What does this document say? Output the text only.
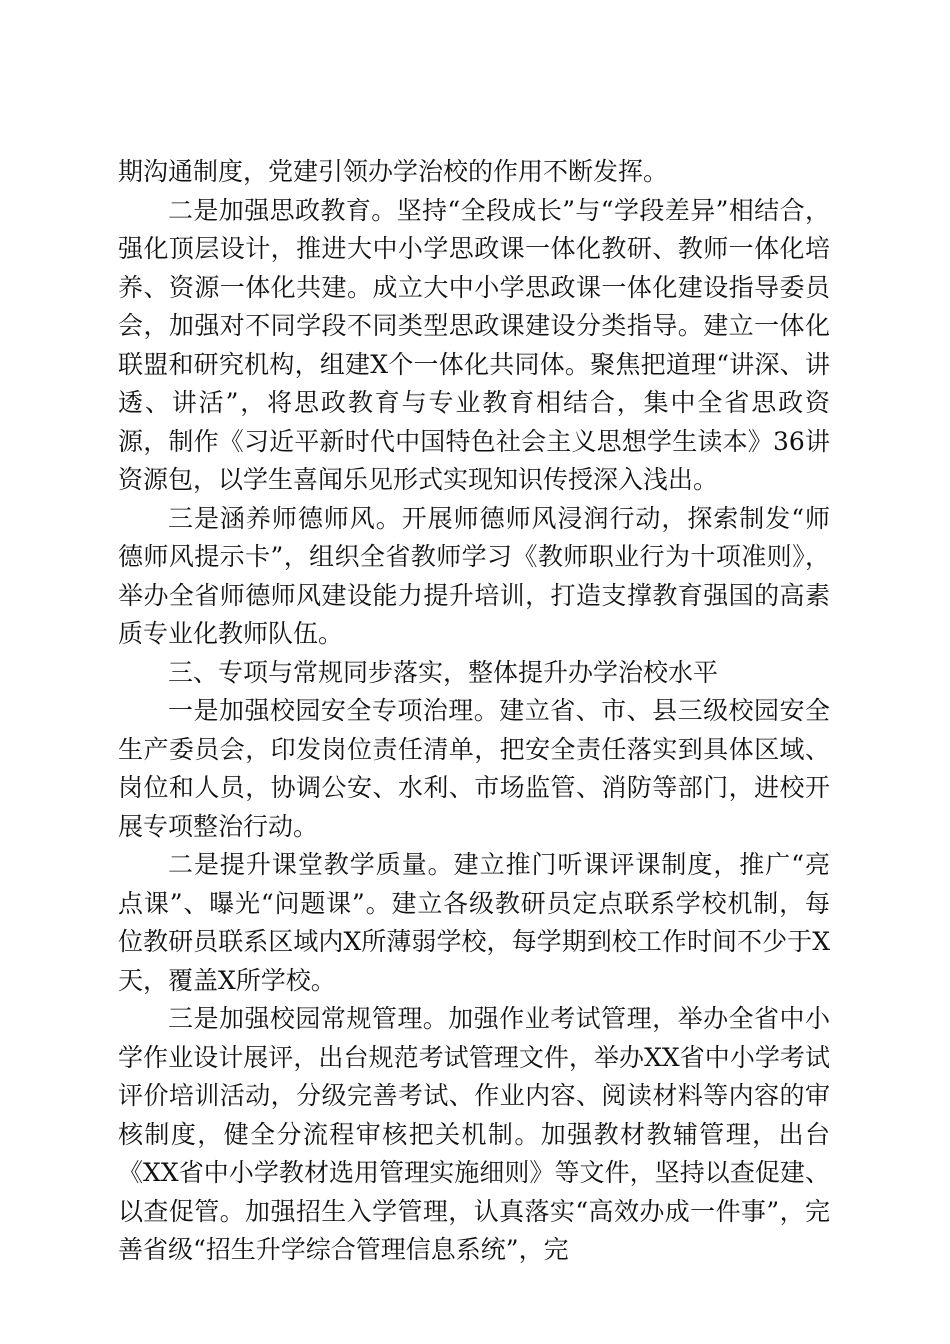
期沟通制度，党建引领办学治校的作用不断发挥。

二是加强思政教育。坚持“全段成长”与“学段差异”相结合，强化顶层设计，推进大中小学思政课一体化教研、教师一体化培养、资源一体化共建。成立大中小学思政课一体化建设指导委员会，加强对不同学段不同类型思政课建设分类指导。建立一体化联盟和研究机构，组建X个一体化共同体。聚焦把道理“讲深、讲透、讲活”，将思政教育与专业教育相结合，集中全省思政资源，制作《习近平新时代中国特色社会主义思想学生读本》36讲资源包，以学生喜闻乐见形式实现知识传授深入浅出。

三是涵养师德师风。开展师德师风浸润行动，探索制发“师德师风提示卡”，组织全省教师学习《教师职业行为十项准则》，举办全省师德师风建设能力提升培训，打造支撑教育强国的高素质专业化教师队伍。

三、专项与常规同步落实，整体提升办学治校水平

一是加强校园安全专项治理。建立省、市、县三级校园安全生产委员会，印发岗位责任清单，把安全责任落实到具体区域、岗位和人员，协调公安、水利、市场监管、消防等部门，进校开展专项整治行动。

二是提升课堂教学质量。建立推门听课评课制度，推广“亮点课”、曝光“问题课”。建立各级教研员定点联系学校机制，每位教研员联系区域内X所薄弱学校，每学期到校工作时间不少于X天，覆盖X所学校。

三是加强校园常规管理。加强作业考试管理，举办全省中小学作业设计展评，出台规范考试管理文件，举办XX省中小学考试评价培训活动，分级完善考试、作业内容、阅读材料等内容的审核制度，健全分流程审核把关机制。加强教材教辅管理，出台《XX省中小学教材选用管理实施细则》等文件，坚持以查促建、以查促管。加强招生入学管理，认真落实“高效办成一件事”，完善省级“招生升学综合管理信息系统”，完
